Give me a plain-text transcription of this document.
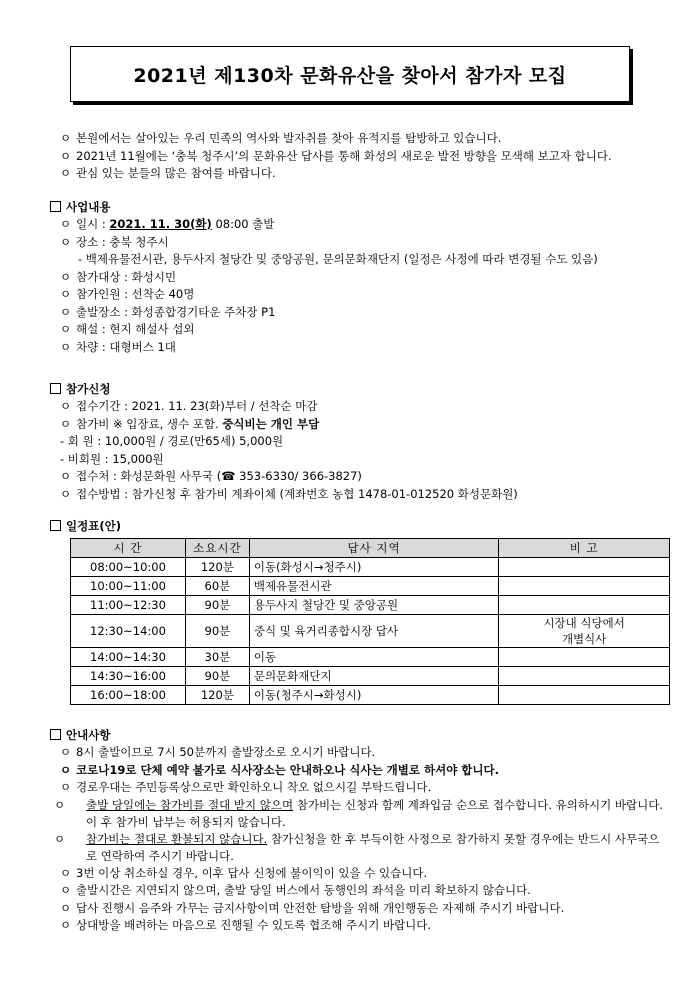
2021년 제130차 문화유산을 찾아서 참가자 모집
ㅇ 본원에서는 살아있는 우리 민족의 역사와 발자취를 찾아 유적지를 탐방하고 있습니다.
ㅇ 2021년 11월에는 ‘충북 청주시’의 문화유산 답사를 통해 화성의 새로운 발전 방향을 모색해 보고자 합니다.
ㅇ 관심 있는 분들의 많은 참여를 바랍니다.
사업내용
ㅇ 일시 : 2021. 11. 30(화) 08:00 출발
ㅇ 장소 : 충북 청주시
- 백제유물전시관, 용두사지 철당간 및 중앙공원, 문의문화재단지 (일정은 사정에 따라 변경될 수도 있음)
ㅇ 참가대상 : 화성시민
ㅇ 참가인원 : 선착순 40명
ㅇ 출발장소 : 화성종합경기타운 주차장 P1
ㅇ 해설 : 현지 해설사 섭외
ㅇ 차량 : 대형버스 1대
참가신청
ㅇ 접수기간 : 2021. 11. 23(화)부터 / 선착순 마감
ㅇ 참가비 ※ 입장료, 생수 포함. 중식비는 개인 부담
- 회 원 : 10,000원 / 경로(만65세) 5,000원
- 비회원 : 15,000원
ㅇ 접수처 : 화성문화원 사무국 (☎ 353-6330/ 366-3827)
ㅇ 접수방법 : 참가신청 후 참가비 계좌이체 (계좌번호 농협 1478-01-012520 화성문화원)
일정표(안)
시 간	소요시간	답사 지역	비 고
08:00~10:00	120분	이동(화성시→청주시)	
10:00~11:00	60분	백제유물전시관	
11:00~12:30	90분	용두사지 철당간 및 중앙공원	
12:30~14:00	90분	중식 및 육거리종합시장 답사	시장내 식당에서
개별식사
14:00~14:30	30분	이동	
14:30~16:00	90분	문의문화재단지	
16:00~18:00	120분	이동(청주시→화성시)	
안내사항
ㅇ 8시 출발이므로 7시 50분까지 출발장소로 오시기 바랍니다.
ㅇ 코로나19로 단체 예약 불가로 식사장소는 안내하오나 식사는 개별로 하셔야 합니다.
ㅇ 경로우대는 주민등록상으로만 확인하오니 착오 없으시길 부탁드립니다.
ㅇ 출발 당일에는 참가비를 절대 받지 않으며 참가비는 신청과 함께 계좌입금 순으로 접수합니다. 유의하시기 바랍니다. 이 후 참가비 납부는 허용되지 않습니다.
ㅇ 참가비는 절대로 환불되지 않습니다. 참가신청을 한 후 부득이한 사정으로 참가하지 못할 경우에는 반드시 사무국으로 연락하여 주시기 바랍니다.
ㅇ 3번 이상 취소하실 경우, 이후 답사 신청에 불이익이 있을 수 있습니다.
ㅇ 출발시간은 지연되지 않으며, 출발 당일 버스에서 동행인의 좌석을 미리 확보하지 않습니다.
ㅇ 답사 진행시 음주와 가무는 금지사항이며 안전한 탐방을 위해 개인행동은 자제해 주시기 바랍니다.
ㅇ 상대방을 배려하는 마음으로 진행될 수 있도록 협조해 주시기 바랍니다.
